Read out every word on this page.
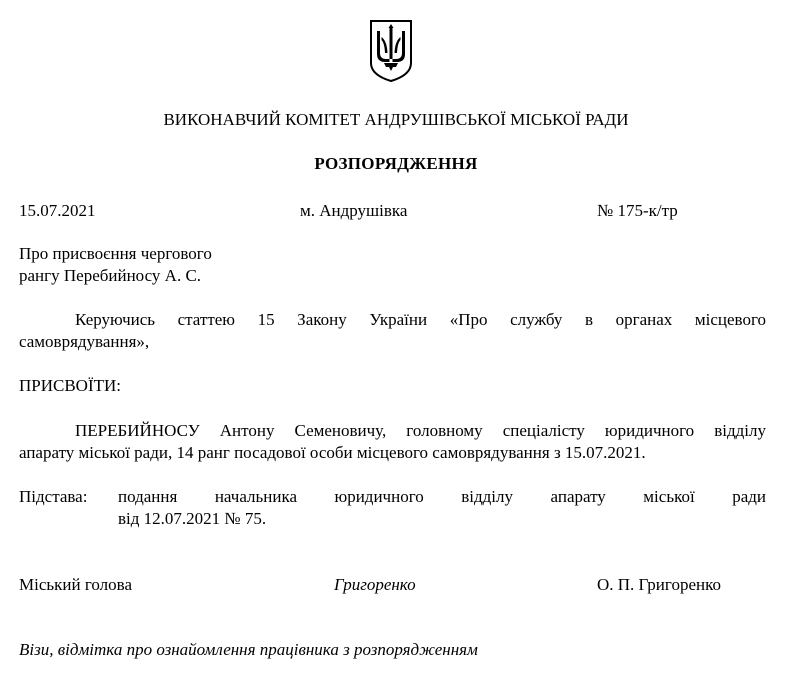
ВИКОНАВЧИЙ КОМІТЕТ АНДРУШІВСЬКОЇ МІСЬКОЇ РАДИ

РОЗПОРЯДЖЕННЯ

15.07.2021	м. Андрушівка	№ 175-к/тр

Про присвоєння чергового

рангу Перебийносу А. С.

Керуючись статтею 15 Закону України «Про службу в органах місцевого

самоврядування»,

ПРИСВОЇТИ:

ПЕРЕБИЙНОСУ Антону Семеновичу, головному спеціалісту юридичного відділу

апарату міської ради, 14 ранг посадової особи місцевого самоврядування з 15.07.2021.

Підстава: подання начальника юридичного відділу апарату міської ради

від 12.07.2021 № 75.

Міський голова	Григоренко	О. П. Григоренко

Візи, відмітка про ознайомлення працівника з розпорядженням
